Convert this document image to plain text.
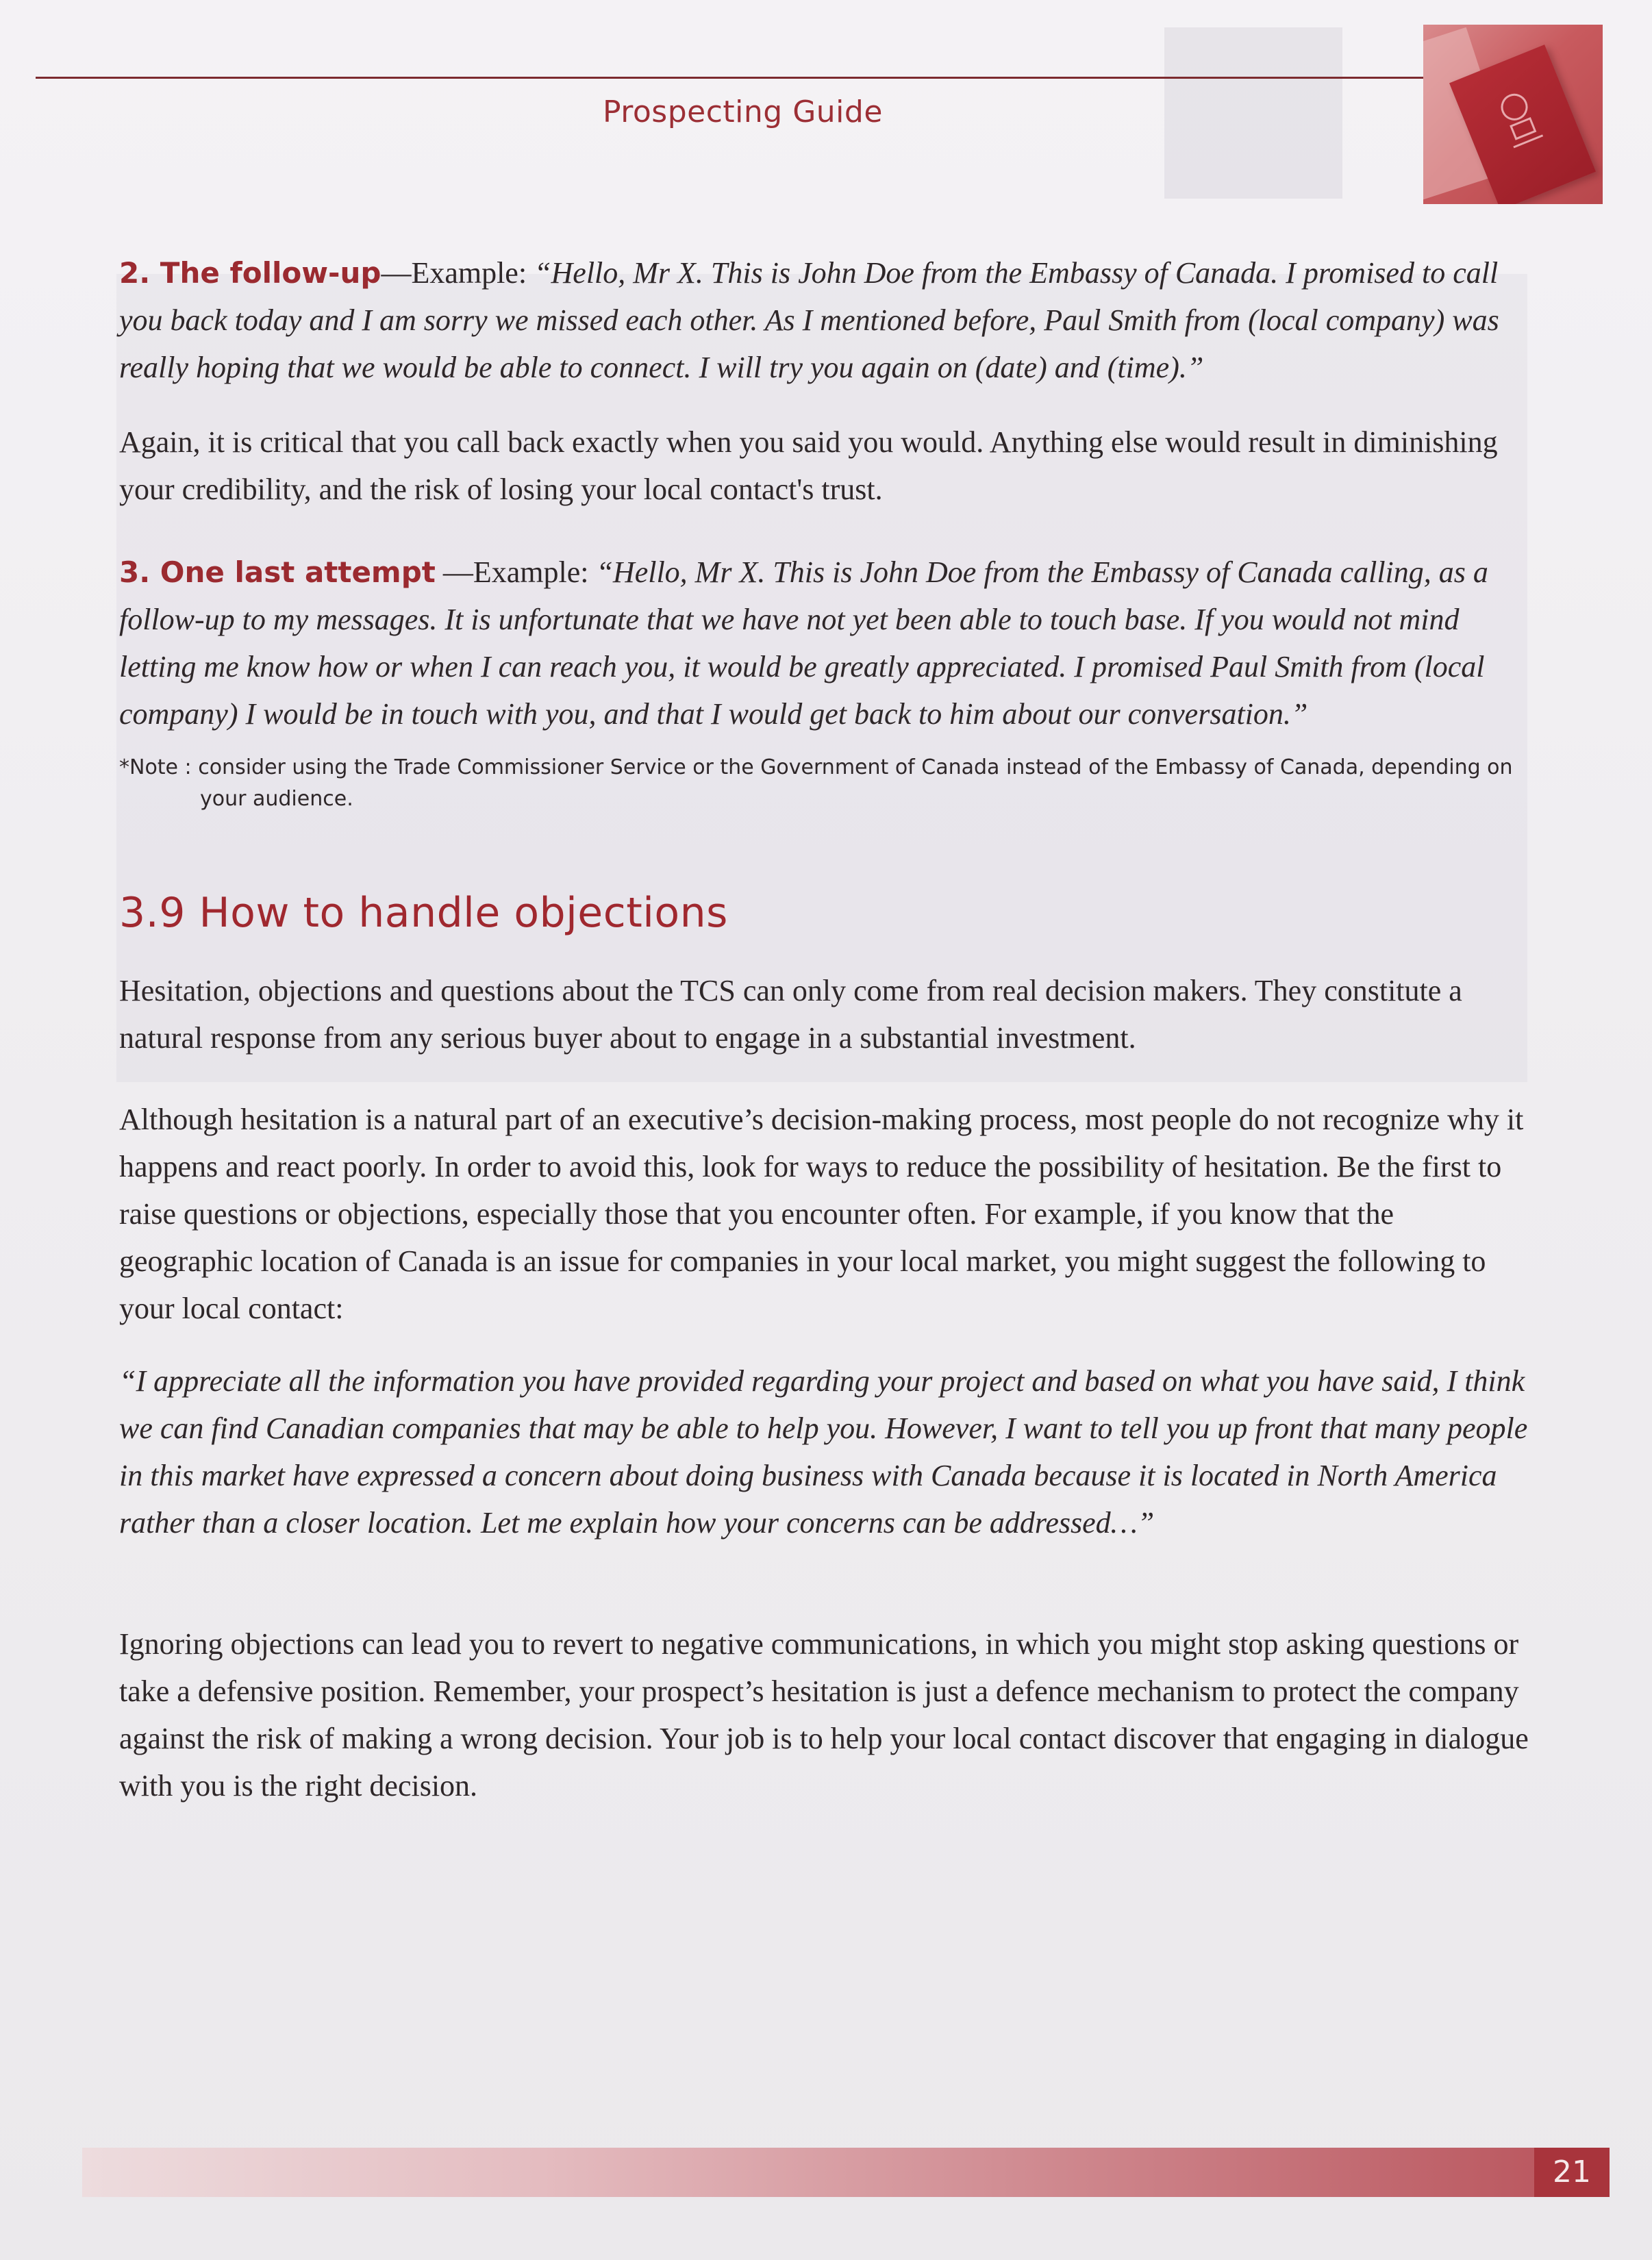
Prospecting Guide

2. The follow-up—Example: “Hello, Mr X. This is John Doe from the Embassy of Canada. I promised to call you back today and I am sorry we missed each other. As I mentioned before, Paul Smith from (local company) was really hoping that we would be able to connect. I will try you again on (date) and (time).”

Again, it is critical that you call back exactly when you said you would. Anything else would result in diminishing your credibility, and the risk of losing your local contact's trust.

3. One last attempt —Example: “Hello, Mr X. This is John Doe from the Embassy of Canada calling, as a follow-up to my messages. It is unfortunate that we have not yet been able to touch base. If you would not mind letting me know how or when I can reach you, it would be greatly appreciated. I promised Paul Smith from (local company) I would be in touch with you, and that I would get back to him about our conversation.”

*Note : consider using the Trade Commissioner Service or the Government of Canada instead of the Embassy of Canada, depending on
your audience.
3.9 How to handle objections

Hesitation, objections and questions about the TCS can only come from real decision makers. They constitute a natural response from any serious buyer about to engage in a substantial investment.

Although hesitation is a natural part of an executive’s decision-making process, most people do not recognize why it happens and react poorly. In order to avoid this, look for ways to reduce the possibility of hesitation. Be the first to raise questions or objections, especially those that you encounter often. For example, if you know that the geographic location of Canada is an issue for companies in your local market, you might suggest the following to your local contact:

“I appreciate all the information you have provided regarding your project and based on what you have said, I think we can find Canadian companies that may be able to help you. However, I want to tell you up front that many people in this market have expressed a concern about doing business with Canada because it is located in North America rather than a closer location. Let me explain how your concerns can be addressed…”

Ignoring objections can lead you to revert to negative communications, in which you might stop asking questions or take a defensive position. Remember, your prospect’s hesitation is just a defence mechanism to protect the company against the risk of making a wrong decision. Your job is to help your local contact discover that engaging in dialogue with you is the right decision.

21
